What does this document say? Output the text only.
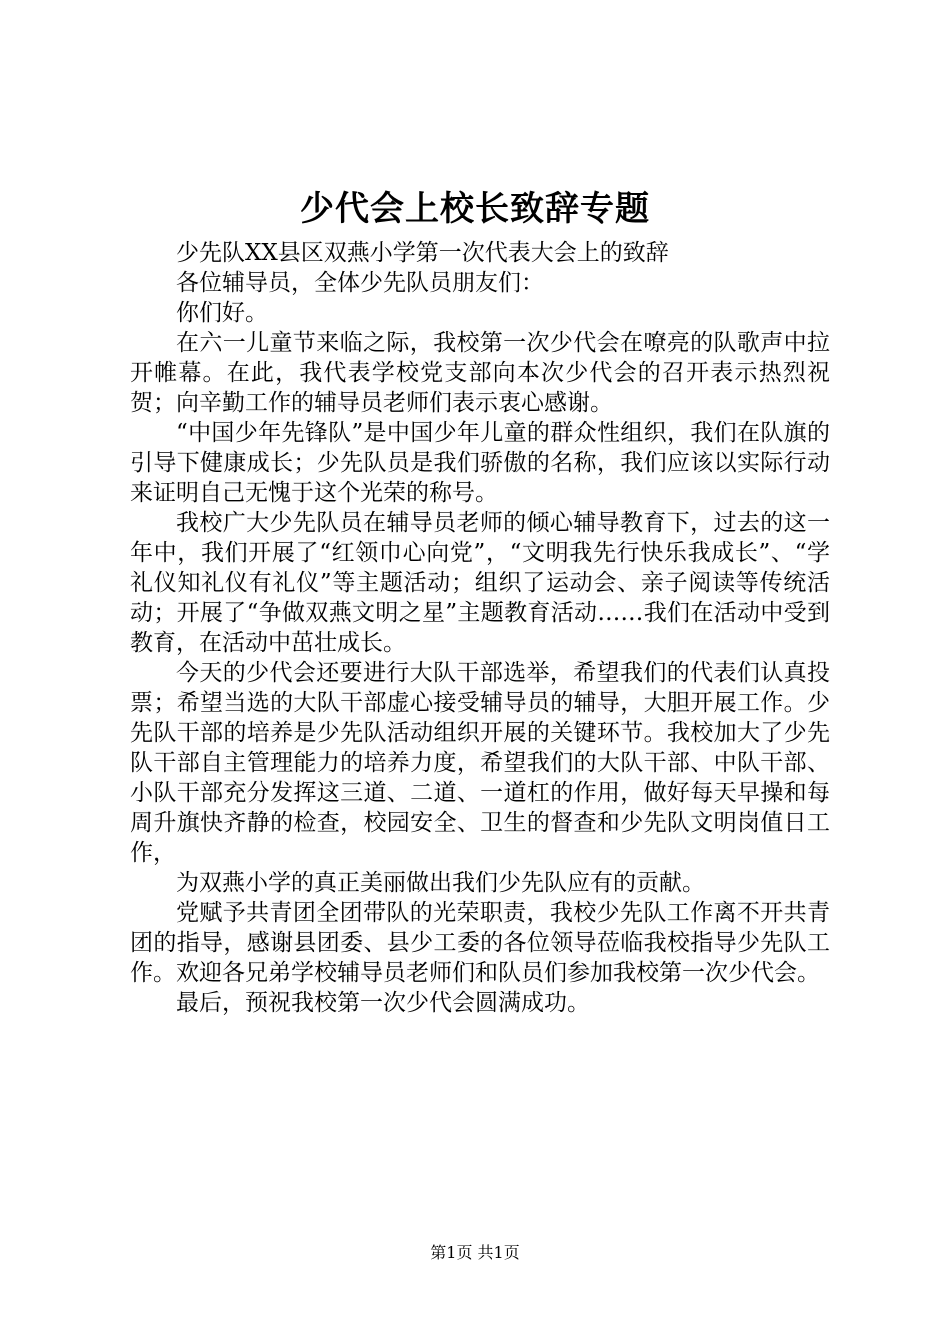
少代会上校长致辞专题

少先队XX县区双燕小学第一次代表大会上的致辞

各位辅导员，全体少先队员朋友们：

你们好。

在六一儿童节来临之际，我校第一次少代会在嘹亮的队歌声中拉开帷幕。在此，我代表学校党支部向本次少代会的召开表示热烈祝贺；向辛勤工作的辅导员老师们表示衷心感谢。

“中国少年先锋队”是中国少年儿童的群众性组织，我们在队旗的引导下健康成长；少先队员是我们骄傲的名称，我们应该以实际行动来证明自己无愧于这个光荣的称号。

我校广大少先队员在辅导员老师的倾心辅导教育下，过去的这一年中，我们开展了“红领巾心向党”，“文明我先行快乐我成长”、“学礼仪知礼仪有礼仪”等主题活动；组织了运动会、亲子阅读等传统活动；开展了“争做双燕文明之星”主题教育活动……我们在活动中受到教育，在活动中茁壮成长。

今天的少代会还要进行大队干部选举，希望我们的代表们认真投票；希望当选的大队干部虚心接受辅导员的辅导，大胆开展工作。少先队干部的培养是少先队活动组织开展的关键环节。我校加大了少先队干部自主管理能力的培养力度，希望我们的大队干部、中队干部、小队干部充分发挥这三道、二道、一道杠的作用，做好每天早操和每周升旗快齐静的检查，校园安全、卫生的督查和少先队文明岗值日工作，

为双燕小学的真正美丽做出我们少先队应有的贡献。

党赋予共青团全团带队的光荣职责，我校少先队工作离不开共青团的指导，感谢县团委、县少工委的各位领导莅临我校指导少先队工作。欢迎各兄弟学校辅导员老师们和队员们参加我校第一次少代会。

最后，预祝我校第一次少代会圆满成功。

第1页 共1页
